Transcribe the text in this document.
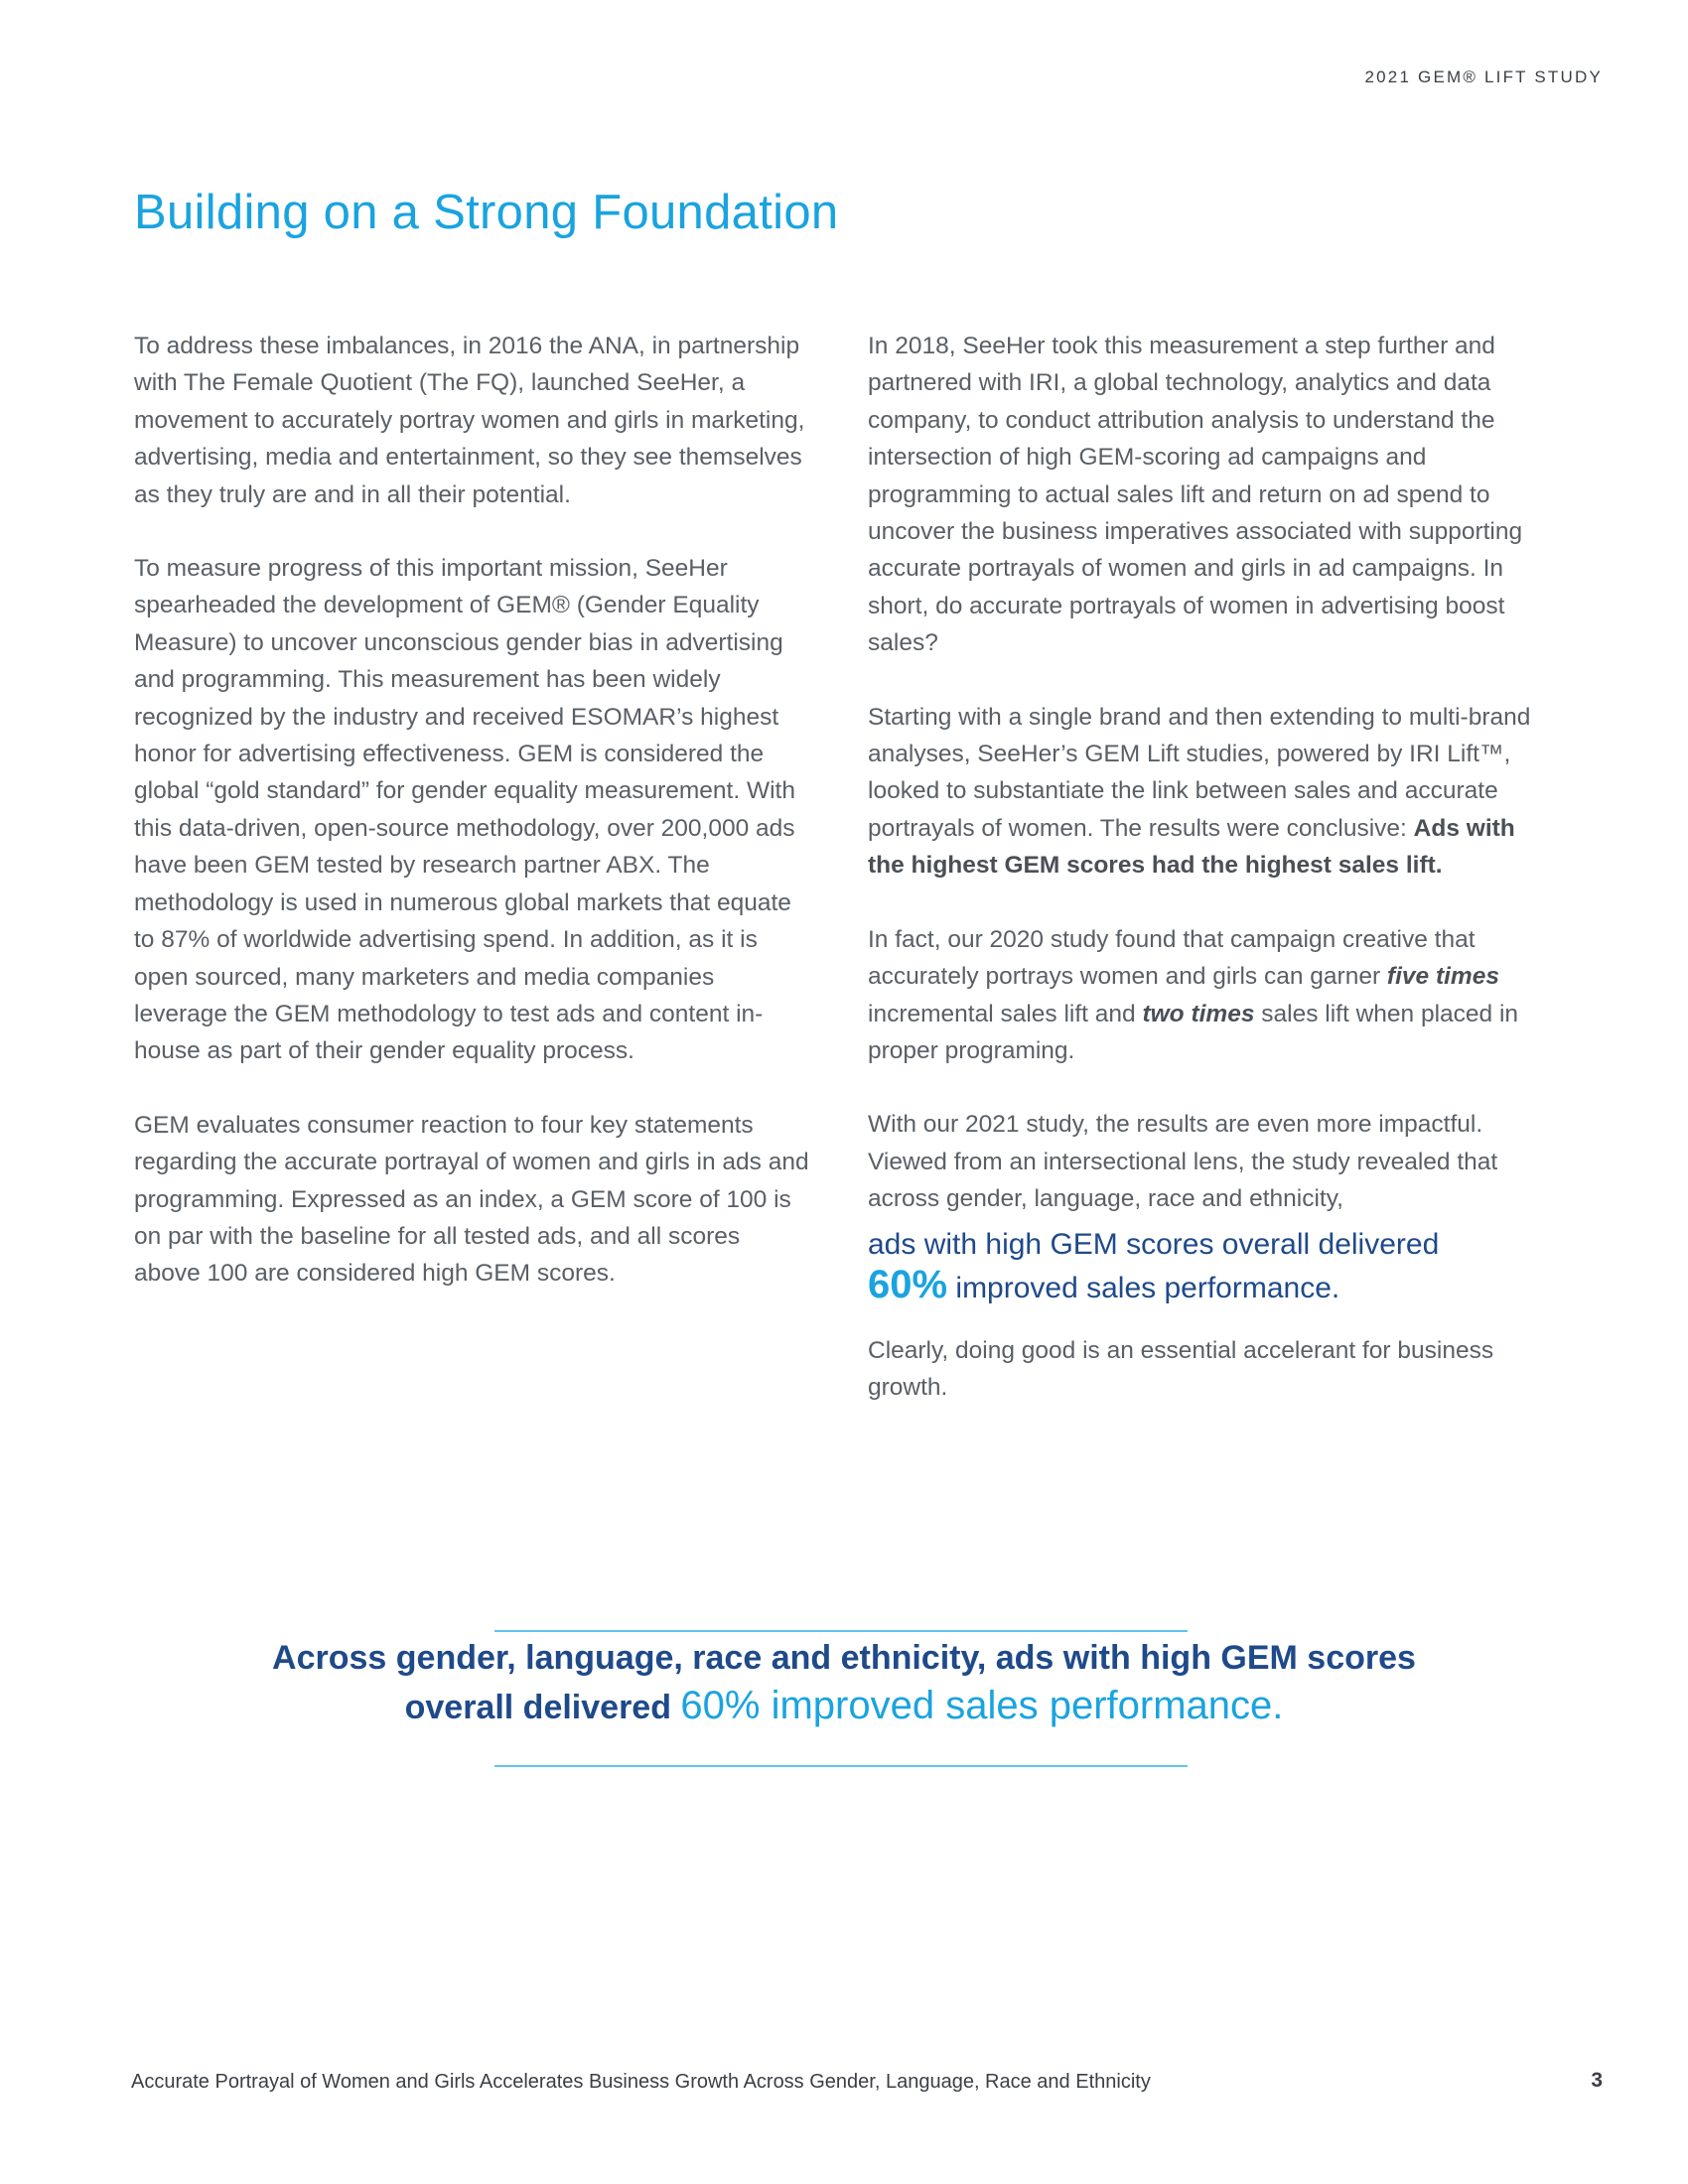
2021 GEM® LIFT STUDY
Building on a Strong Foundation

To address these imbalances, in 2016 the ANA, in partnership with The Female Quotient (The FQ), launched SeeHer, a movement to accurately portray women and girls in marketing, advertising, media and entertainment, so they see themselves as they truly are and in all their potential.

To measure progress of this important mission, SeeHer spearheaded the development of GEM® (Gender Equality Measure) to uncover unconscious gender bias in advertising and programming. This measurement has been widely recognized by the industry and received ESOMAR’s highest honor for advertising effectiveness. GEM is considered the global “gold standard” for gender equality measurement. With this data-driven, open-source methodology, over 200,000 ads have been GEM tested by research partner ABX. The methodology is used in numerous global markets that equate to 87% of worldwide advertising spend. In addition, as it is open sourced, many marketers and media companies leverage the GEM methodology to test ads and content in-house as part of their gender equality process.

GEM evaluates consumer reaction to four key statements regarding the accurate portrayal of women and girls in ads and programming. Expressed as an index, a GEM score of 100 is on par with the baseline for all tested ads, and all scores above 100 are considered high GEM scores.

In 2018, SeeHer took this measurement a step further and partnered with IRI, a global technology, analytics and data company, to conduct attribution analysis to understand the intersection of high GEM-scoring ad campaigns and programming to actual sales lift and return on ad spend to uncover the business imperatives associated with supporting accurate portrayals of women and girls in ad campaigns. In short, do accurate portrayals of women in advertising boost sales?

Starting with a single brand and then extending to multi-brand analyses, SeeHer’s GEM Lift studies, powered by IRI Lift™, looked to substantiate the link between sales and accurate portrayals of women. The results were conclusive: Ads with the highest GEM scores had the highest sales lift.

In fact, our 2020 study found that campaign creative that accurately portrays women and girls can garner five times incremental sales lift and two times sales lift when placed in proper programing.

With our 2021 study, the results are even more impactful. Viewed from an intersectional lens, the study revealed that across gender, language, race and ethnicity,

ads with high GEM scores overall delivered
60% improved sales performance.

Clearly, doing good is an essential accelerant for business growth.

Across gender, language, race and ethnicity, ads with high GEM scores
overall delivered 60% improved sales performance.
Accurate Portrayal of Women and Girls Accelerates Business Growth Across Gender, Language, Race and Ethnicity	3
